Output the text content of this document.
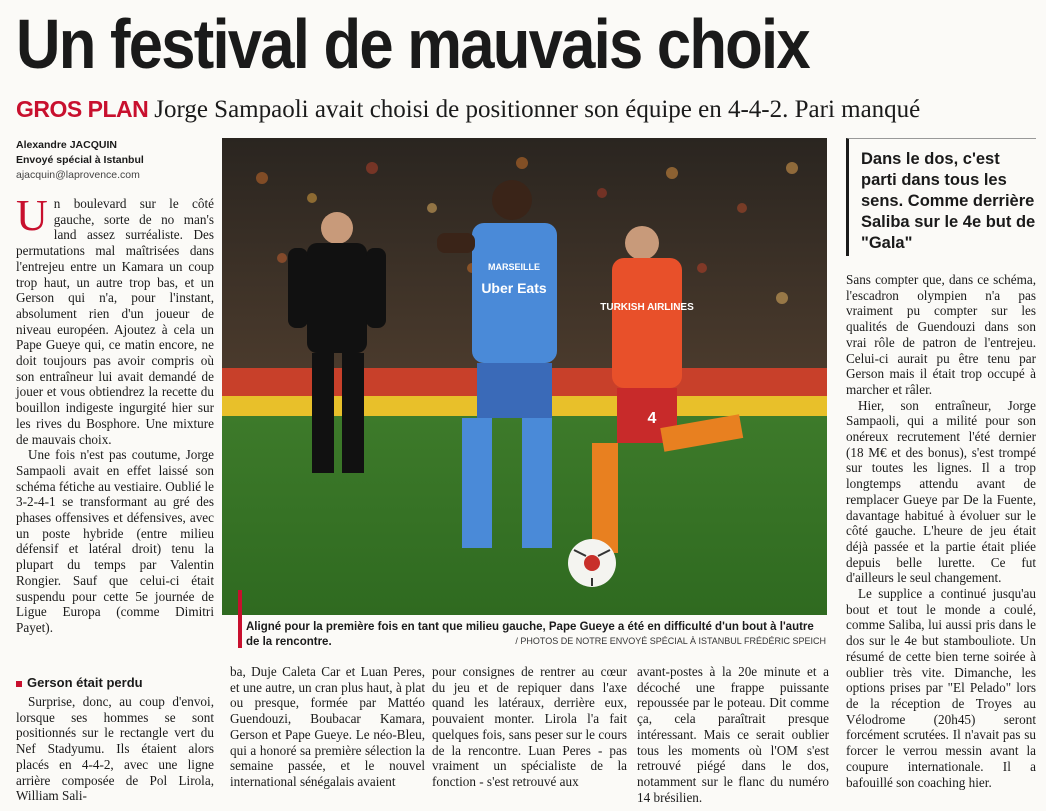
Un festival de mauvais choix
GROS PLAN Jorge Sampaoli avait choisi de positionner son équipe en 4-4-2. Pari manqué
Alexandre JACQUIN
Envoyé spécial à Istanbul
ajacquin@laprovence.com

Un boulevard sur le côté gauche, sorte de no man's land assez surréaliste. Des permutations mal maîtrisées dans l'entrejeu entre un Kamara un coup trop haut, un autre trop bas, et un Gerson qui n'a, pour l'instant, absolument rien d'un joueur de niveau européen. Ajoutez à cela un Pape Gueye qui, ce matin encore, ne doit toujours pas avoir compris où son entraîneur lui avait demandé de jouer et vous obtiendrez la recette du bouillon indigeste ingurgité hier sur les rives du Bosphore. Une mixture de mauvais choix.

Une fois n'est pas coutume, Jorge Sampaoli avait en effet laissé son schéma fétiche au vestiaire. Oublié le 3-2-4-1 se transformant au gré des phases offensives et défensives, avec un poste hybride (entre milieu défensif et latéral droit) tenu la plupart du temps par Valentin Rongier. Sauf que celui-ci était suspendu pour cette 5e journée de Ligue Europa (comme Dimitri Payet).

Gerson était perdu

Surprise, donc, au coup d'envoi, lorsque ses hommes se sont positionnés sur le rectangle vert du Nef Stadyumu. Ils étaient alors placés en 4-4-2, avec une ligne arrière composée de Pol Lirola, William Sali-

MARSEILLE
Uber Eats
TURKISH AIRLINES
4
Aligné pour la première fois en tant que milieu gauche, Pape Gueye a été en difficulté d'un bout à l'autre de la rencontre.	/ PHOTOS DE NOTRE ENVOYÉ SPÉCIAL À ISTANBUL FRÉDÉRIC SPEICH

ba, Duje Caleta Car et Luan Peres, et une autre, un cran plus haut, à plat ou presque, formée par Mattéo Guendouzi, Boubacar Kamara, Gerson et Pape Gueye. Le néo-Bleu, qui a honoré sa première sélection la semaine passée, et le nouvel international sénégalais avaient

pour consignes de rentrer au cœur du jeu et de repiquer dans l'axe quand les latéraux, derrière eux, pouvaient monter. Lirola l'a fait quelques fois, sans peser sur le cours de la rencontre. Luan Peres - pas vraiment un spécialiste de la fonction - s'est retrouvé aux

avant-postes à la 20e minute et a décoché une frappe puissante repoussée par le poteau. Dit comme ça, cela paraîtrait presque intéressant. Mais ce serait oublier tous les moments où l'OM s'est retrouvé piégé dans le dos, notamment sur le flanc du numéro 14 brésilien.

Dans le dos, c'est parti dans tous les sens. Comme derrière Saliba sur le 4e but de "Gala"

Sans compter que, dans ce schéma, l'escadron olympien n'a pas vraiment pu compter sur les qualités de Guendouzi dans son vrai rôle de patron de l'entrejeu. Celui-ci aurait pu être tenu par Gerson mais il était trop occupé à marcher et râler.

Hier, son entraîneur, Jorge Sampaoli, qui a milité pour son onéreux recrutement l'été dernier (18 M€ et des bonus), s'est trompé sur toutes les lignes. Il a trop longtemps attendu avant de remplacer Gueye par De la Fuente, davantage habitué à évoluer sur le côté gauche. L'heure de jeu était déjà passée et la partie était pliée depuis belle lurette. Ce fut d'ailleurs le seul changement.

Le supplice a continué jusqu'au bout et tout le monde a coulé, comme Saliba, lui aussi pris dans le dos sur le 4e but stambouliote. Un résumé de cette bien terne soirée à oublier très vite. Dimanche, les options prises par "El Pelado" lors de la réception de Troyes au Vélodrome (20h45) seront forcément scrutées. Il n'avait pas su forcer le verrou messin avant la coupure internationale. Il a bafouillé son coaching hier.
